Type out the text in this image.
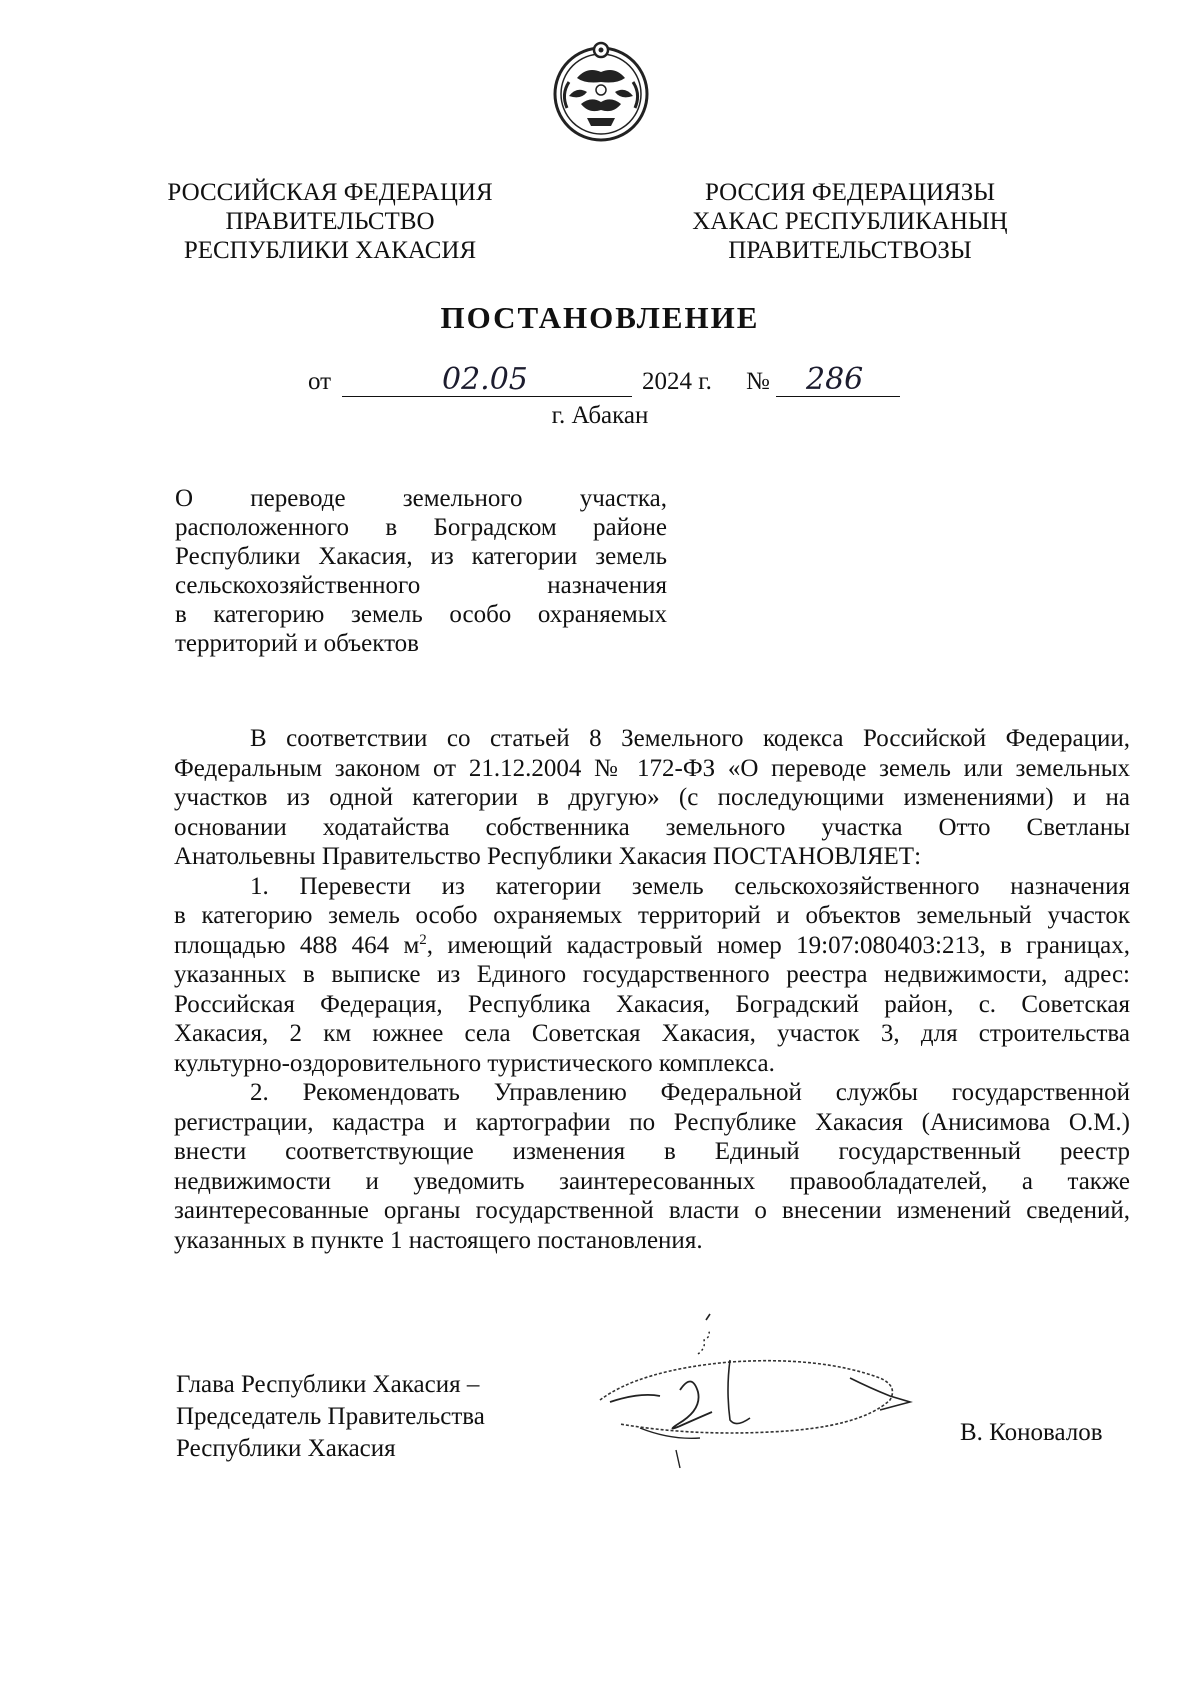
РОССИЙСКАЯ ФЕДЕРАЦИЯ
ПРАВИТЕЛЬСТВО
РЕСПУБЛИКИ ХАКАСИЯ
РОССИЯ ФЕДЕРАЦИЯЗЫ
ХАКАС РЕСПУБЛИКАНЫҢ
ПРАВИТЕЛЬСТВОЗЫ
ПОСТАНОВЛЕНИЕ
от	02.05	2024 г. № 286
г. Абакан
О переводе земельного участка,
расположенного в Боградском районе
Республики Хакасия, из категории земель
сельскохозяйственного назначения
в категорию земель особо охраняемых
территорий и объектов
В соответствии со статьей 8 Земельного кодекса Российской Федерации,
Федеральным законом от 21.12.2004 № 172-ФЗ «О переводе земель или земельных
участков из одной категории в другую» (с последующими изменениями) и на
основании ходатайства собственника земельного участка Отто Светланы
Анатольевны Правительство Республики Хакасия ПОСТАНОВЛЯЕТ:
1. Перевести из категории земель сельскохозяйственного назначения
в категорию земель особо охраняемых территорий и объектов земельный участок
площадью 488 464 $м^2$, имеющий кадастровый номер 19:07:080403:213, в границах,
указанных в выписке из Единого государственного реестра недвижимости, адрес:
Российская Федерация, Республика Хакасия, Боградский район, с. Советская
Хакасия, 2 км южнее села Советская Хакасия, участок 3, для строительства
культурно-оздоровительного туристического комплекса.
2. Рекомендовать Управлению Федеральной службы государственной
регистрации, кадастра и картографии по Республике Хакасия (Анисимова О.М.)
внести соответствующие изменения в Единый государственный реестр
недвижимости и уведомить заинтересованных правообладателей, а также
заинтересованные органы государственной власти о внесении изменений сведений,
указанных в пункте 1 настоящего постановления.
Глава Республики Хакасия –
Председатель Правительства
Республики Хакасия
В. Коновалов
